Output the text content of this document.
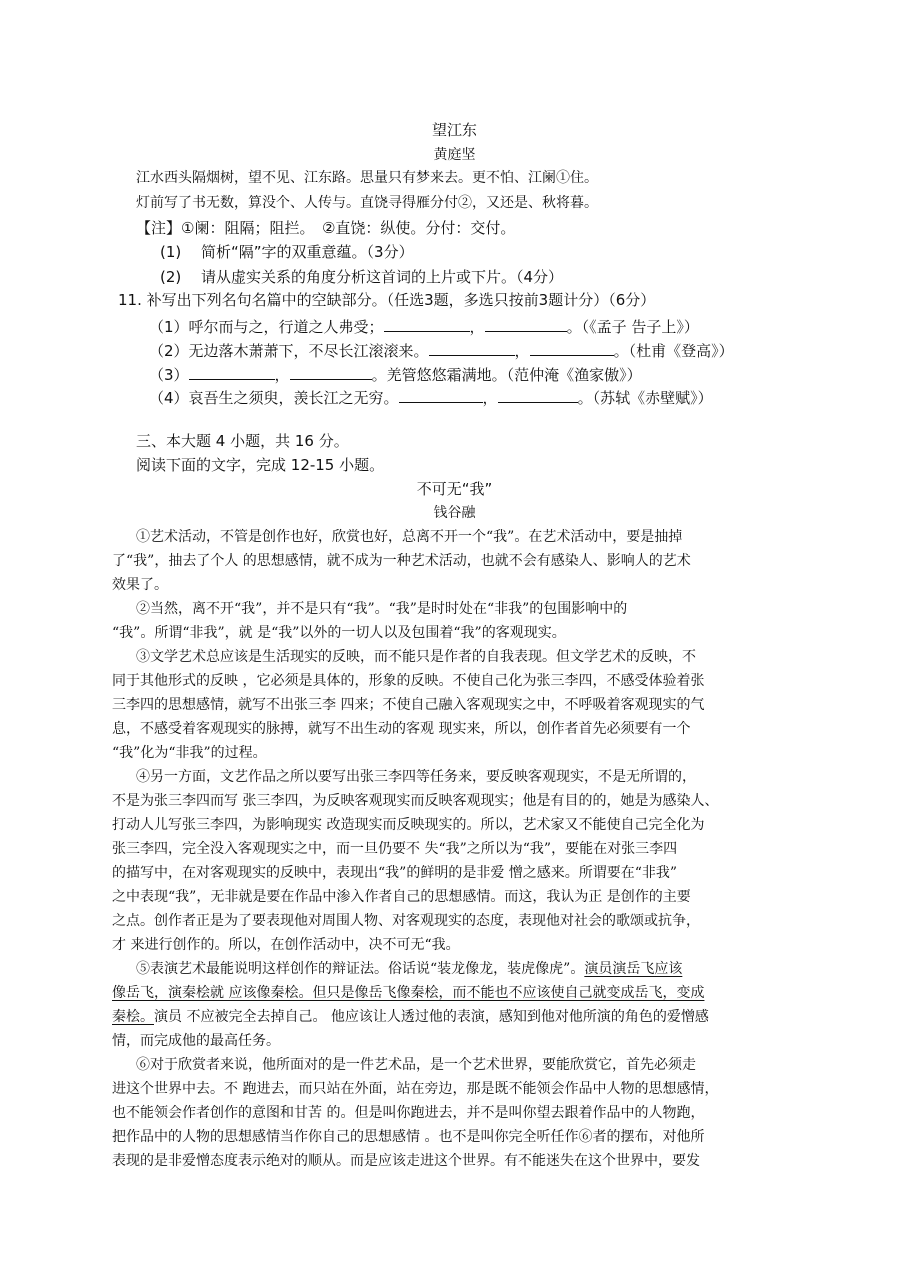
望江东
黄庭坚
江水西头隔烟树，望不见、江东路。思量只有梦来去。更不怕、江阑①住。
灯前写了书无数，算没个、人传与。直饶寻得雁分付②，又还是、秋将暮。
【注】①阑：阻隔；阻拦。　②直饶：纵使。分付：交付。
(1)　 简析“隔”字的双重意蕴。（3分）
(2)　 请从虚实关系的角度分析这首词的上片或下片。（4分）
11. 补写出下列名句名篇中的空缺部分。（任选3题，多选只按前3题计分）（6分）
（1）呼尔而与之，行道之人弗受；	，	。（《孟子 告子上》）
（2）无边落木萧萧下，不尽长江滚滚来。	，	。（杜甫《登高》）
（3）	，	。羌管悠悠霜满地。（范仲淹《渔家傲》）
（4）哀吾生之须臾，羡长江之无穷。	，	。（苏轼《赤壁赋》）
三、本大题 4 小题，共 16 分。
阅读下面的文字，完成 12-15 小题。
不可无“我”
钱谷融
①艺术活动，不管是创作也好，欣赏也好，总离不开一个“我”。在艺术活动中，要是抽掉
了“我”，抽去了个人 的思想感情，就不成为一种艺术活动，也就不会有感染人、影响人的艺术
效果了。
②当然，离不开“我”，并不是只有“我”。“我”是时时处在“非我”的包围影响中的
“我”。所谓“非我”，就 是“我”以外的一切人以及包围着“我”的客观现实。
③文学艺术总应该是生活现实的反映，而不能只是作者的自我表现。但文学艺术的反映，不
同于其他形式的反映 ，它必须是具体的，形象的反映。不使自己化为张三李四，不感受体验着张
三李四的思想感情，就写不出张三李 四来；不使自己融入客观现实之中，不呼吸着客观现实的气
息，不感受着客观现实的脉搏，就写不出生动的客观 现实来，所以，创作者首先必须要有一个
“我”化为“非我”的过程。
④另一方面，文艺作品之所以要写出张三李四等任务来，要反映客观现实，不是无所谓的，
不是为张三李四而写 张三李四，为反映客观现实而反映客观现实；他是有目的的，她是为感染人、
打动人儿写张三李四，为影响现实 改造现实而反映现实的。所以，艺术家又不能使自己完全化为
张三李四，完全没入客观现实之中，而一旦仍要不 失“我”之所以为“我”，要能在对张三李四
的描写中，在对客观现实的反映中，表现出“我”的鲜明的是非爱 憎之感来。所谓要在“非我”
之中表现“我”，无非就是要在作品中渗入作者自己的思想感情。而这，我认为正 是创作的主要
之点。创作者正是为了要表现他对周围人物、对客观现实的态度，表现他对社会的歌颂或抗争，
才 来进行创作的。所以，在创作活动中，决不可无“我。
⑤表演艺术最能说明这样创作的辩证法。俗话说“装龙像龙，装虎像虎”。演员演岳飞应该
像岳飞，演秦桧就 应该像秦桧。但只是像岳飞像秦桧，而不能也不应该使自己就变成岳飞，变成
秦桧。演员 不应被完全去掉自己。 他应该让人透过他的表演，感知到他对他所演的角色的爱憎感
情，而完成他的最高任务。
⑥对于欣赏者来说，他所面对的是一件艺术品，是一个艺术世界，要能欣赏它，首先必须走
进这个世界中去。不 跑进去，而只站在外面，站在旁边，那是既不能领会作品中人物的思想感情，
也不能领会作者创作的意图和甘苦 的。但是叫你跑进去，并不是叫你望去跟着作品中的人物跑，
把作品中的人物的思想感情当作你自己的思想感情 。也不是叫你完全听任作⑥者的摆布，对他所
表现的是非爱憎态度表示绝对的顺从。而是应该走进这个世界。有不能迷失在这个世界中，要发
